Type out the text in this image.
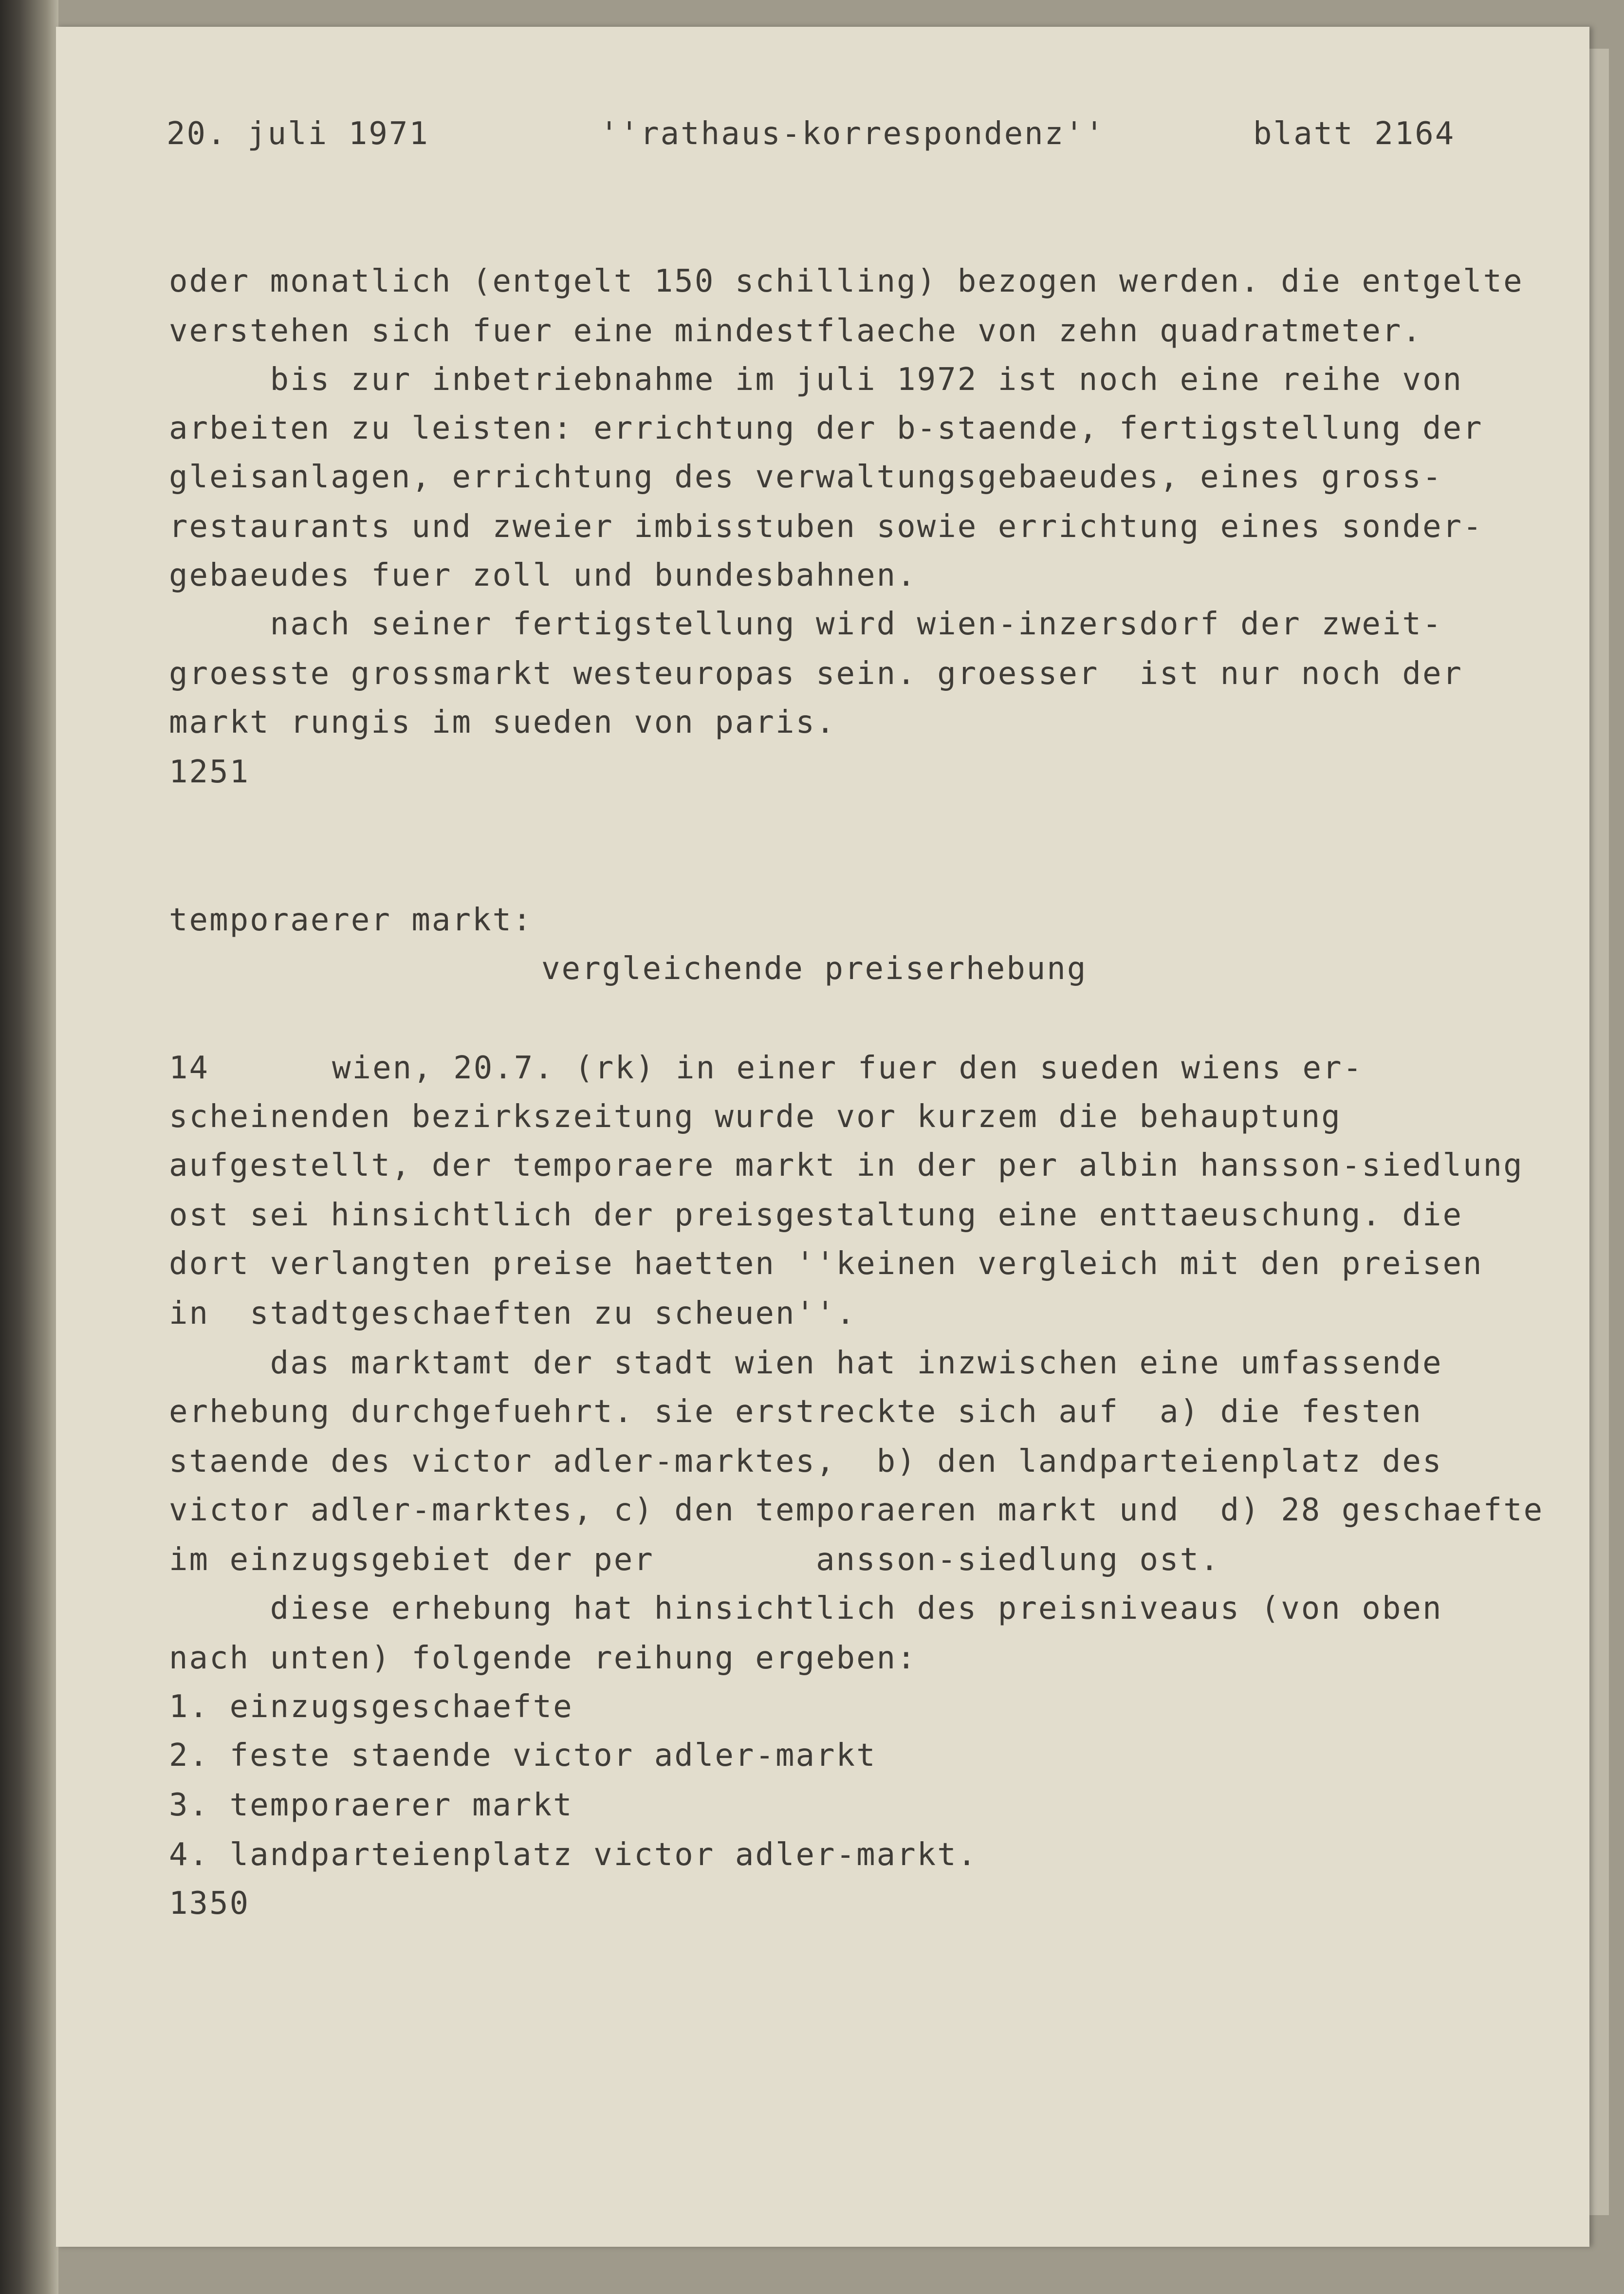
20. juli 1971	''rathaus-korrespondenz''	blatt 2164
oder monatlich (entgelt 150 schilling) bezogen werden. die entgelte
verstehen sich fuer eine mindestflaeche von zehn quadratmeter.
bis zur inbetriebnahme im juli 1972 ist noch eine reihe von
arbeiten zu leisten: errichtung der b-staende, fertigstellung der
gleisanlagen, errichtung des verwaltungsgebaeudes, eines gross-
restaurants und zweier imbisstuben sowie errichtung eines sonder-
gebaeudes fuer zoll und bundesbahnen.
nach seiner fertigstellung wird wien-inzersdorf der zweit-
groesste grossmarkt westeuropas sein. groesser  ist nur noch der
markt rungis im sueden von paris.
1251
temporaerer markt:
vergleichende preiserhebung
14	wien, 20.7. (rk) in einer fuer den sueden wiens er-
scheinenden bezirkszeitung wurde vor kurzem die behauptung
aufgestellt, der temporaere markt in der per albin hansson-siedlung
ost sei hinsichtlich der preisgestaltung eine enttaeuschung. die
dort verlangten preise haetten ''keinen vergleich mit den preisen
in  stadtgeschaeften zu scheuen''.
das marktamt der stadt wien hat inzwischen eine umfassende
erhebung durchgefuehrt. sie erstreckte sich auf  a) die festen
staende des victor adler-marktes,  b) den landparteienplatz des
victor adler-marktes, c) den temporaeren markt und  d) 28 geschaefte
im einzugsgebiet der per        ansson-siedlung ost.
diese erhebung hat hinsichtlich des preisniveaus (von oben
nach unten) folgende reihung ergeben:
1. einzugsgeschaefte
2. feste staende victor adler-markt
3. temporaerer markt
4. landparteienplatz victor adler-markt.
1350
